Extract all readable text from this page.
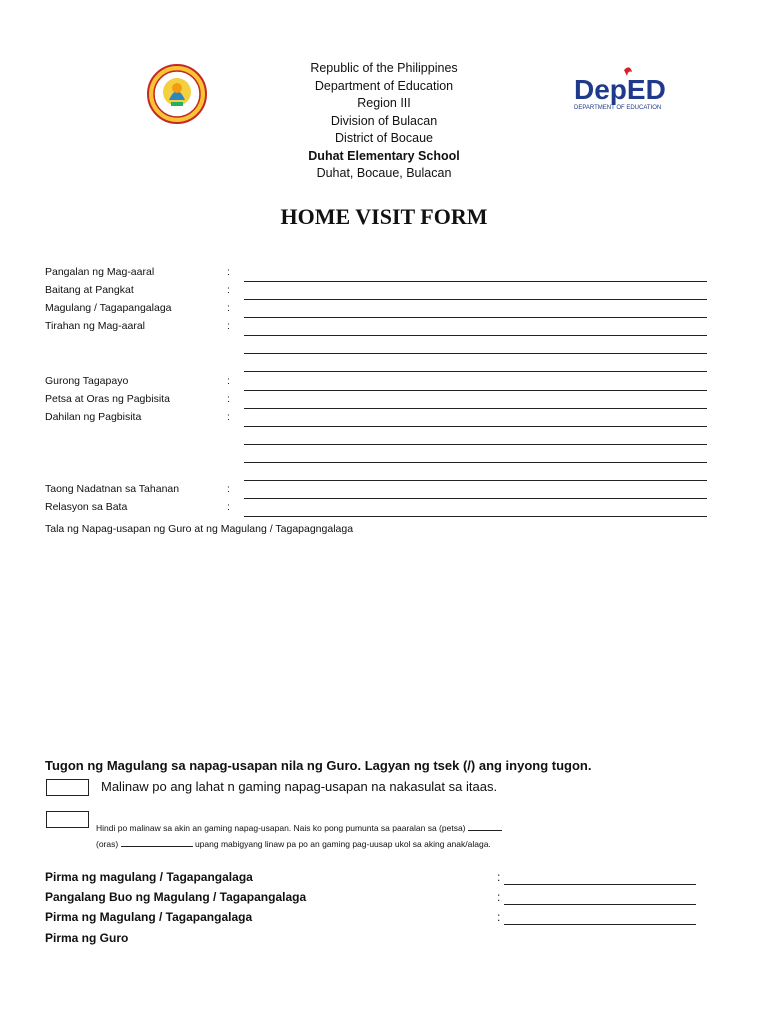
Republic of the Philippines
Department of Education
Region III
Division of Bulacan
District of Bocaue
Duhat Elementary School
Duhat, Bocaue, Bulacan
DepED
DEPARTMENT OF EDUCATION
HOME VISIT FORM
Pangalan ng Mag-aaral	:
Baitang at Pangkat	:
Magulang / Tagapangalaga	:
Tirahan ng Mag-aaral	:
Gurong Tagapayo	:
Petsa at Oras ng Pagbisita	:
Dahilan ng Pagbisita	:
Taong Nadatnan sa Tahanan	:
Relasyon sa Bata	:
Tala ng Napag-usapan ng Guro at ng Magulang / Tagapagngalaga
Tugon ng Magulang sa napag-usapan nila ng Guro. Lagyan ng tsek (/) ang inyong tugon.
Malinaw po ang lahat n gaming napag-usapan na nakasulat sa itaas.
Hindi po malinaw sa akin an gaming napag-usapan. Nais ko pong pumunta sa paaralan sa (petsa)
(oras)	upang mabigyang linaw pa po an gaming pag-uusap ukol sa aking anak/alaga.
Pirma ng magulang / Tagapangalaga	:
Pangalang Buo ng Magulang / Tagapangalaga	:
Pirma ng Magulang / Tagapangalaga	:
Pirma ng Guro
